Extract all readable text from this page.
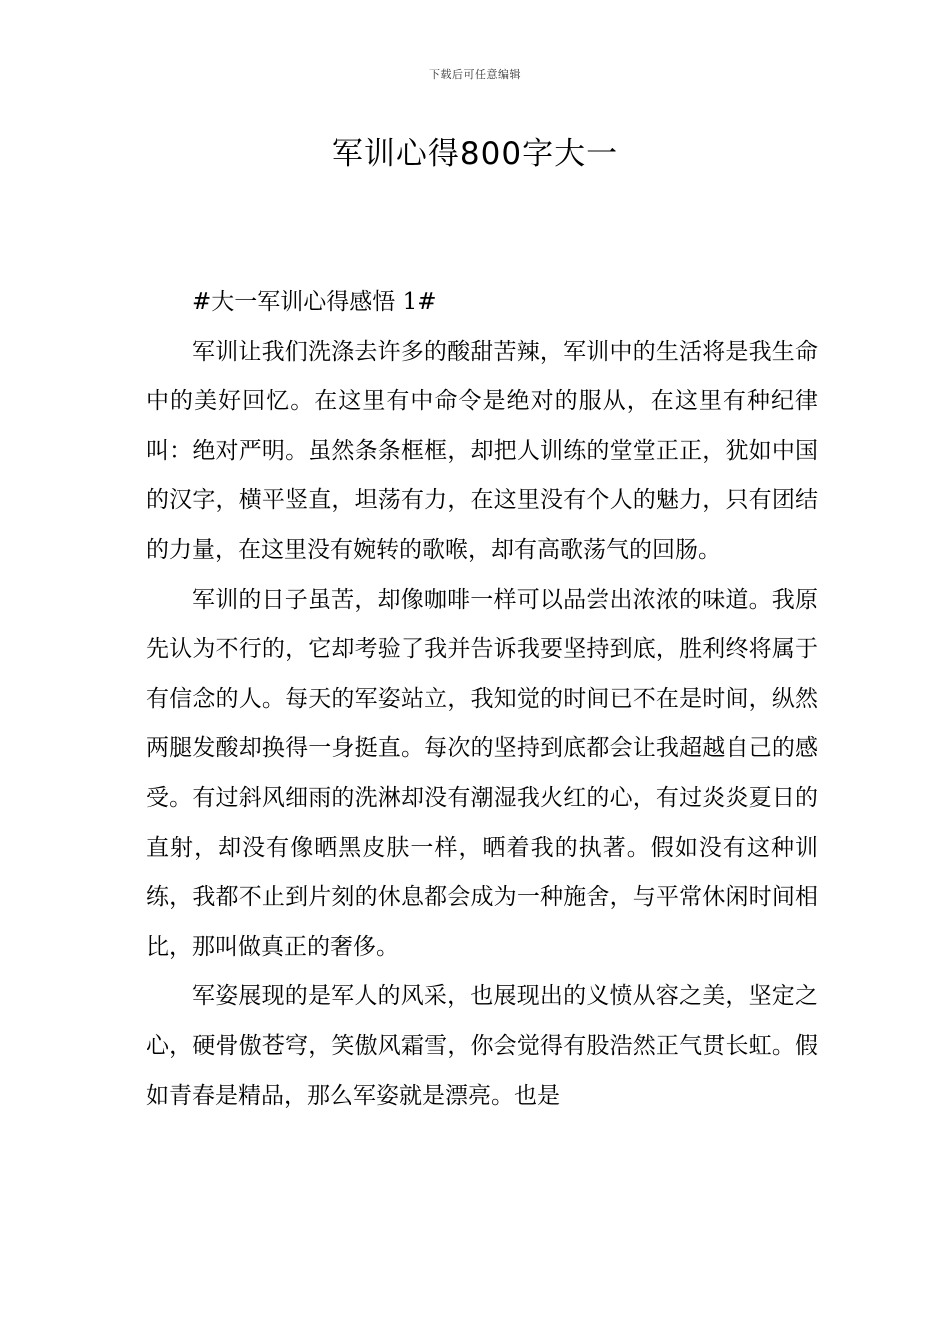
下载后可任意编辑
军训心得800字大一

#大一军训心得感悟 1#

军训让我们洗涤去许多的酸甜苦辣，军训中的生活将是我生命中的美好回忆。在这里有中命令是绝对的服从，在这里有种纪律叫：绝对严明。虽然条条框框，却把人训练的堂堂正正，犹如中国的汉字，横平竖直，坦荡有力，在这里没有个人的魅力，只有团结的力量，在这里没有婉转的歌喉，却有高歌荡气的回肠。

军训的日子虽苦，却像咖啡一样可以品尝出浓浓的味道。我原先认为不行的，它却考验了我并告诉我要坚持到底，胜利终将属于有信念的人。每天的军姿站立，我知觉的时间已不在是时间，纵然两腿发酸却换得一身挺直。每次的坚持到底都会让我超越自己的感受。有过斜风细雨的洗淋却没有潮湿我火红的心，有过炎炎夏日的直射，却没有像晒黑皮肤一样，晒着我的执著。假如没有这种训练，我都不止到片刻的休息都会成为一种施舍，与平常休闲时间相比，那叫做真正的奢侈。

军姿展现的是军人的风采，也展现出的义愤从容之美，坚定之心，硬骨傲苍穹，笑傲风霜雪，你会觉得有股浩然正气贯长虹。假如青春是精品，那么军姿就是漂亮。也是
